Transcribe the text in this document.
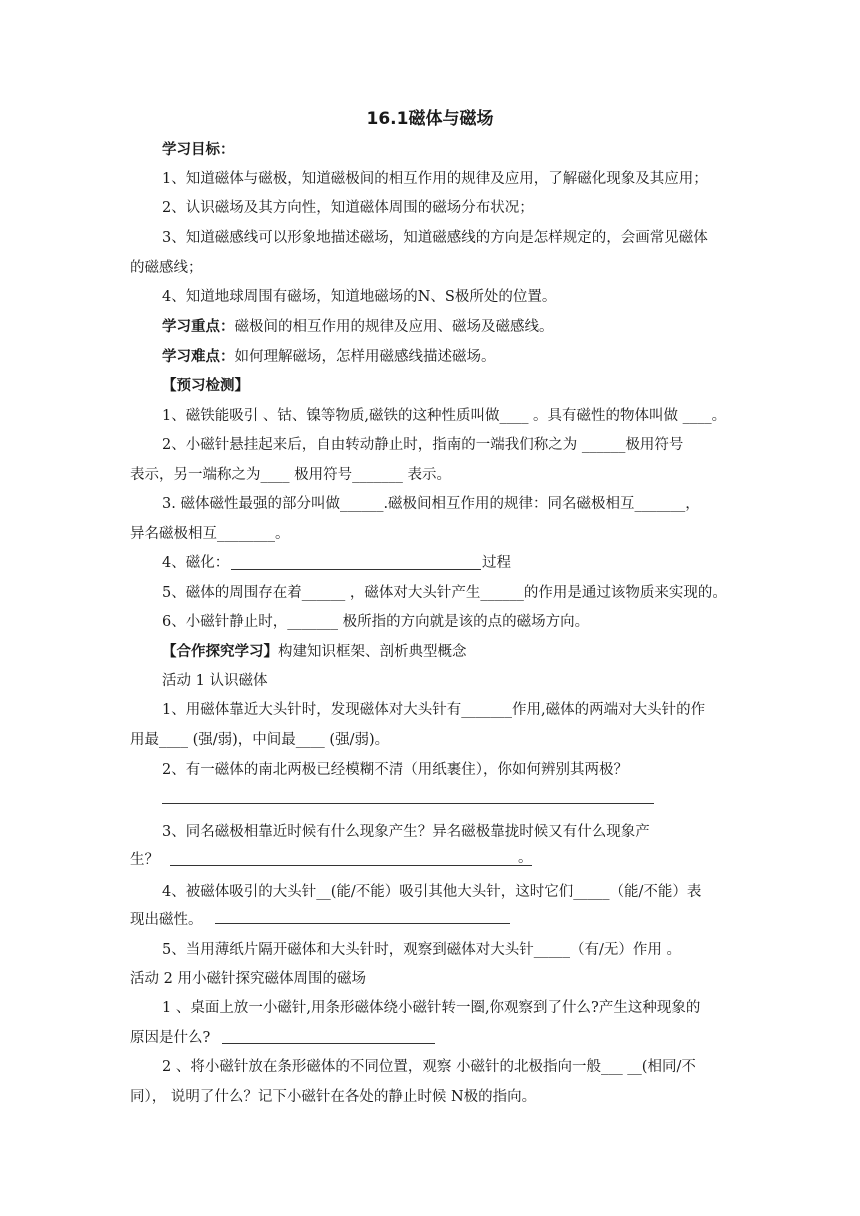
16.1磁体与磁场
学习目标：
1、知道磁体与磁极，知道磁极间的相互作用的规律及应用，了解磁化现象及其应用；
2、认识磁场及其方向性，知道磁体周围的磁场分布状况；
3、知道磁感线可以形象地描述磁场，知道磁感线的方向是怎样规定的，会画常见磁体
的磁感线；
4、知道地球周围有磁场，知道地磁场的N、S极所处的位置。
学习重点：磁极间的相互作用的规律及应用、磁场及磁感线。
学习难点：如何理解磁场，怎样用磁感线描述磁场。
【预习检测】
1、磁铁能吸引 、钴、镍等物质,磁铁的这种性质叫做____ 。具有磁性的物体叫做 ____。
2、小磁针悬挂起来后，自由转动静止时，指南的一端我们称之为 ______极用符号
表示，另一端称之为____ 极用符号_______ 表示。
3. 磁体磁性最强的部分叫做______.磁极间相互作用的规律：同名磁极相互_______，
异名磁极相互________。
4、磁化：	过程
5、磁体的周围存在着______ ，磁体对大头针产生______的作用是通过该物质来实现的。
6、小磁针静止时，_______ 极所指的方向就是该的点的磁场方向。
【合作探究学习】构建知识框架、剖析典型概念
活动 1 认识磁体
1、用磁体靠近大头针时，发现磁体对大头针有_______作用,磁体的两端对大头针的作
用最____ (强/弱)，中间最____ (强/弱)。
2、有一磁体的南北两极已经模糊不清（用纸裹住），你如何辨别其两极？
3、同名磁极相靠近时候有什么现象产生？异名磁极靠拢时候又有什么现象产
生？	。
4、被磁体吸引的大头针__(能/不能）吸引其他大头针，这时它们_____（能/不能）表
现出磁性。
5、当用薄纸片隔开磁体和大头针时，观察到磁体对大头针_____（有/无）作用 。
活动 2 用小磁针探究磁体周围的磁场
1 、桌面上放一小磁针,用条形磁体绕小磁针转一圈,你观察到了什么?产生这种现象的
原因是什么?
2 、将小磁针放在条形磁体的不同位置，观察 小磁针的北极指向一般___ __(相同/不
同）， 说明了什么？记下小磁针在各处的静止时候 N极的指向。
